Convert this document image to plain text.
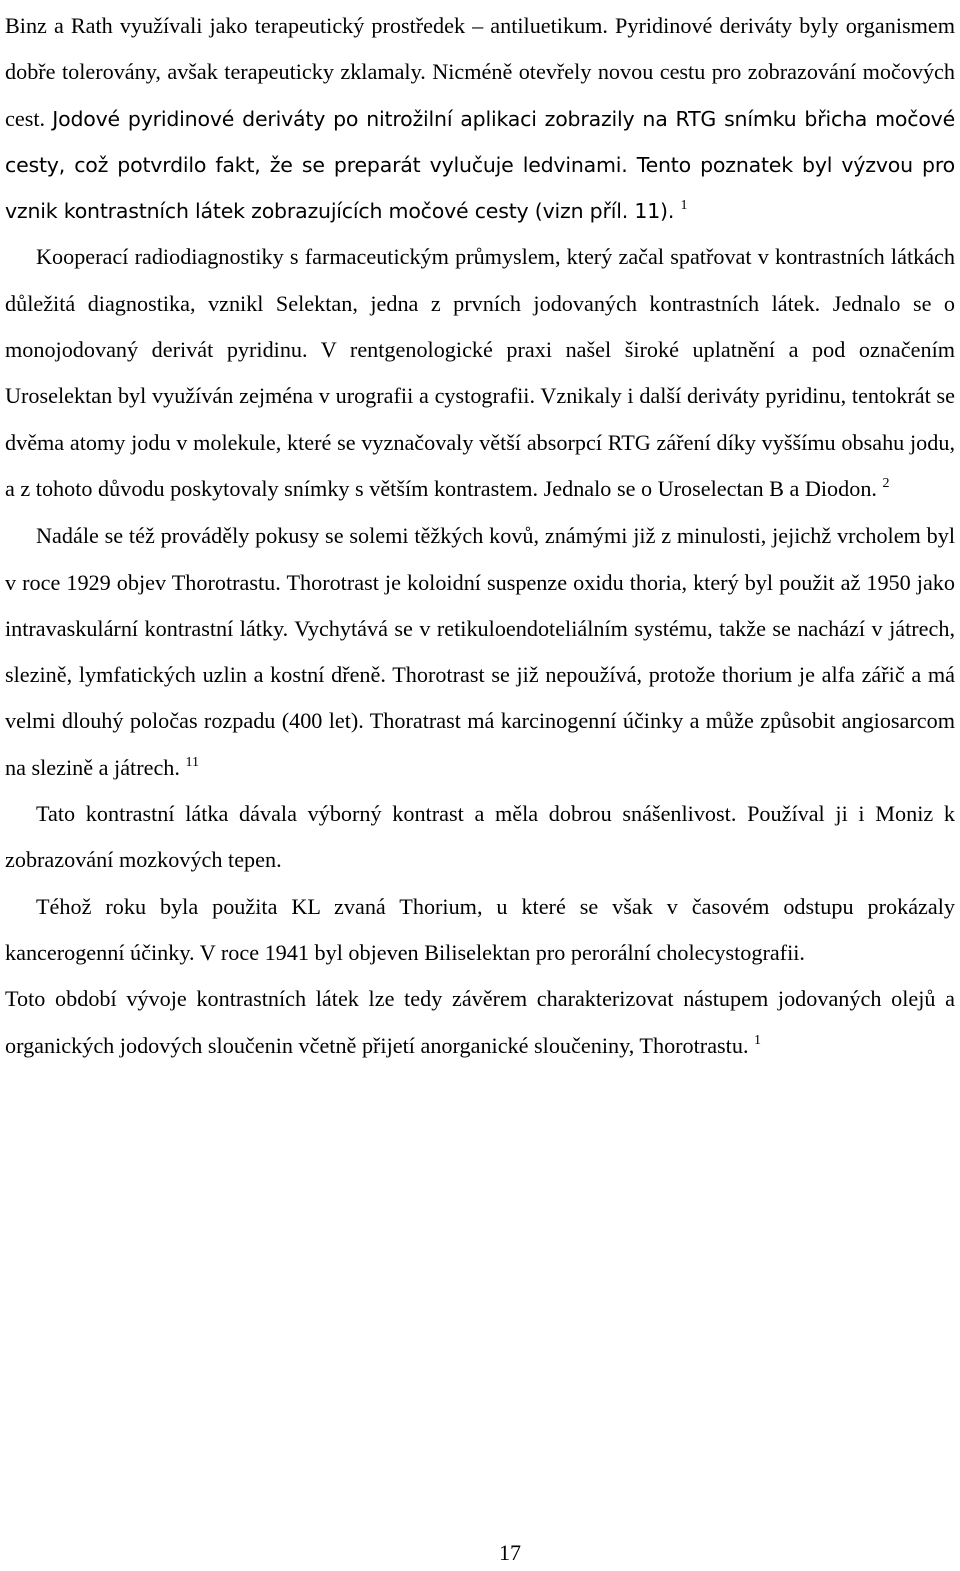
Binz a Rath využívali jako terapeutický prostředek – antiluetikum. Pyridinové deriváty byly organismem dobře tolerovány, avšak terapeuticky zklamaly. Nicméně otevřely novou cestu pro zobrazování močových cest. Jodové pyridinové deriváty po nitrožilní aplikaci zobrazily na RTG snímku břicha močové cesty, což potvrdilo fakt, že se preparát vylučuje ledvinami. Tento poznatek byl výzvou pro vznik kontrastních látek zobrazujících močové cesty (vizn příl. 11). $^1$

Kooperací radiodiagnostiky s farmaceutickým průmyslem, který začal spatřovat v kontrastních látkách důležitá diagnostika, vznikl Selektan, jedna z prvních jodovaných kontrastních látek. Jednalo se o monojodovaný derivát pyridinu. V rentgenologické praxi našel široké uplatnění a pod označením Uroselektan byl využíván zejména v urografii a cystografii. Vznikaly i další deriváty pyridinu, tentokrát se dvěma atomy jodu v molekule, které se vyznačovaly větší absorpcí RTG záření díky vyššímu obsahu jodu, a z tohoto důvodu poskytovaly snímky s větším kontrastem. Jednalo se o Uroselectan B a Diodon. $^2$

Nadále se též prováděly pokusy se solemi těžkých kovů, známými již z minulosti, jejichž vrcholem byl v roce 1929 objev Thorotrastu. Thorotrast je koloidní suspenze oxidu thoria, který byl použit až 1950 jako intravaskulární kontrastní látky. Vychytává se v retikuloendoteliálním systému, takže se nachází v játrech, slezině, lymfatických uzlin a kostní dřeně. Thorotrast se již nepoužívá, protože thorium je alfa zářič a má velmi dlouhý poločas rozpadu (400 let). Thoratrast má karcinogenní účinky a může způsobit angiosarcom na slezině a játrech. $^{11}$

Tato kontrastní látka dávala výborný kontrast a měla dobrou snášenlivost. Používal ji i Moniz k zobrazování mozkových tepen.

Téhož roku byla použita KL zvaná Thorium, u které se však v časovém odstupu prokázaly kancerogenní účinky. V roce 1941 byl objeven Biliselektan pro perorální cholecystografii.

Toto období vývoje kontrastních látek lze tedy závěrem charakterizovat nástupem jodovaných olejů a organických jodových sloučenin včetně přijetí anorganické sloučeniny, Thorotrastu. $^1$

17
